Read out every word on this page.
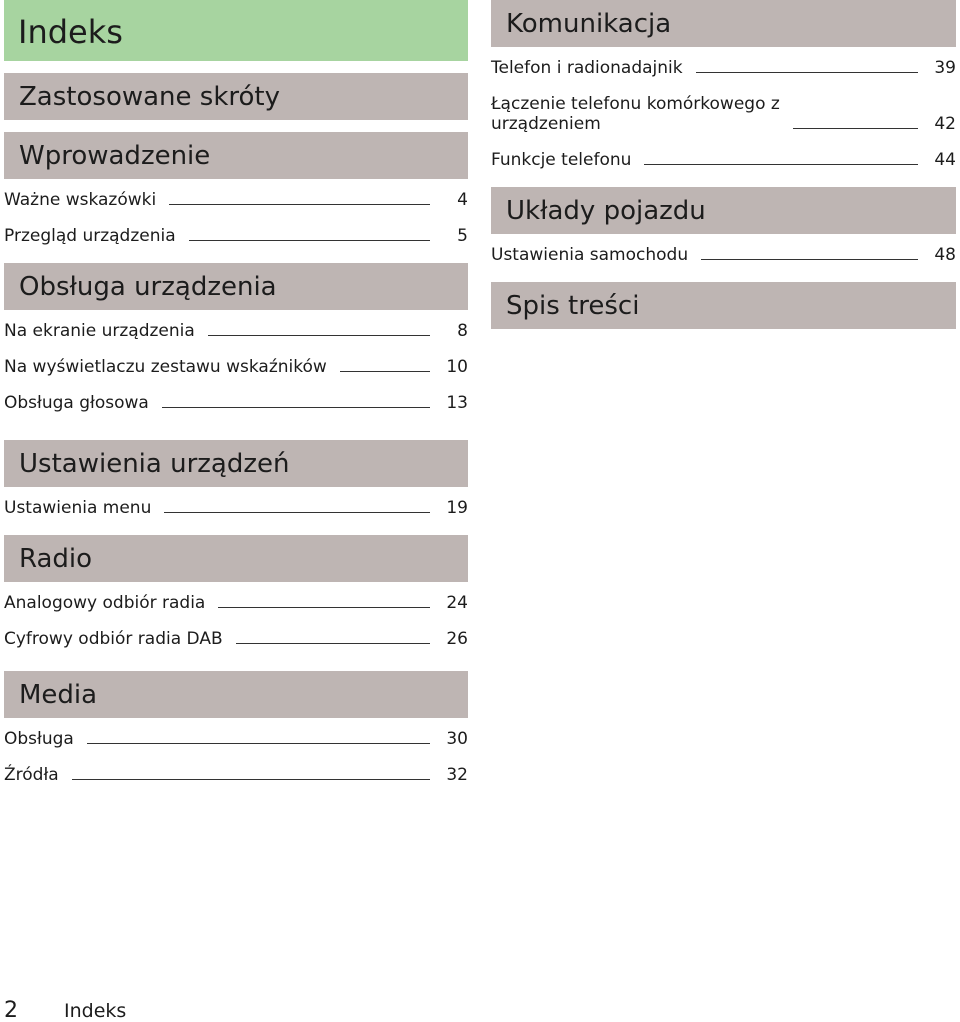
Indeks
Zastosowane skróty
Wprowadzenie
Ważne wskazówki	4
Przegląd urządzenia	5
Obsługa urządzenia
Na ekranie urządzenia	8
Na wyświetlaczu zestawu wskaźników	10
Obsługa głosowa	13
Ustawienia urządzeń
Ustawienia menu	19
Radio
Analogowy odbiór radia	24
Cyfrowy odbiór radia DAB	26
Media
Obsługa	30
Źródła	32
Komunikacja
Telefon i radionadajnik	39
Łączenie telefonu komórkowego z
urządzeniem	42
Funkcje telefonu	44
Układy pojazdu
Ustawienia samochodu	48
Spis treści
2	Indeks
